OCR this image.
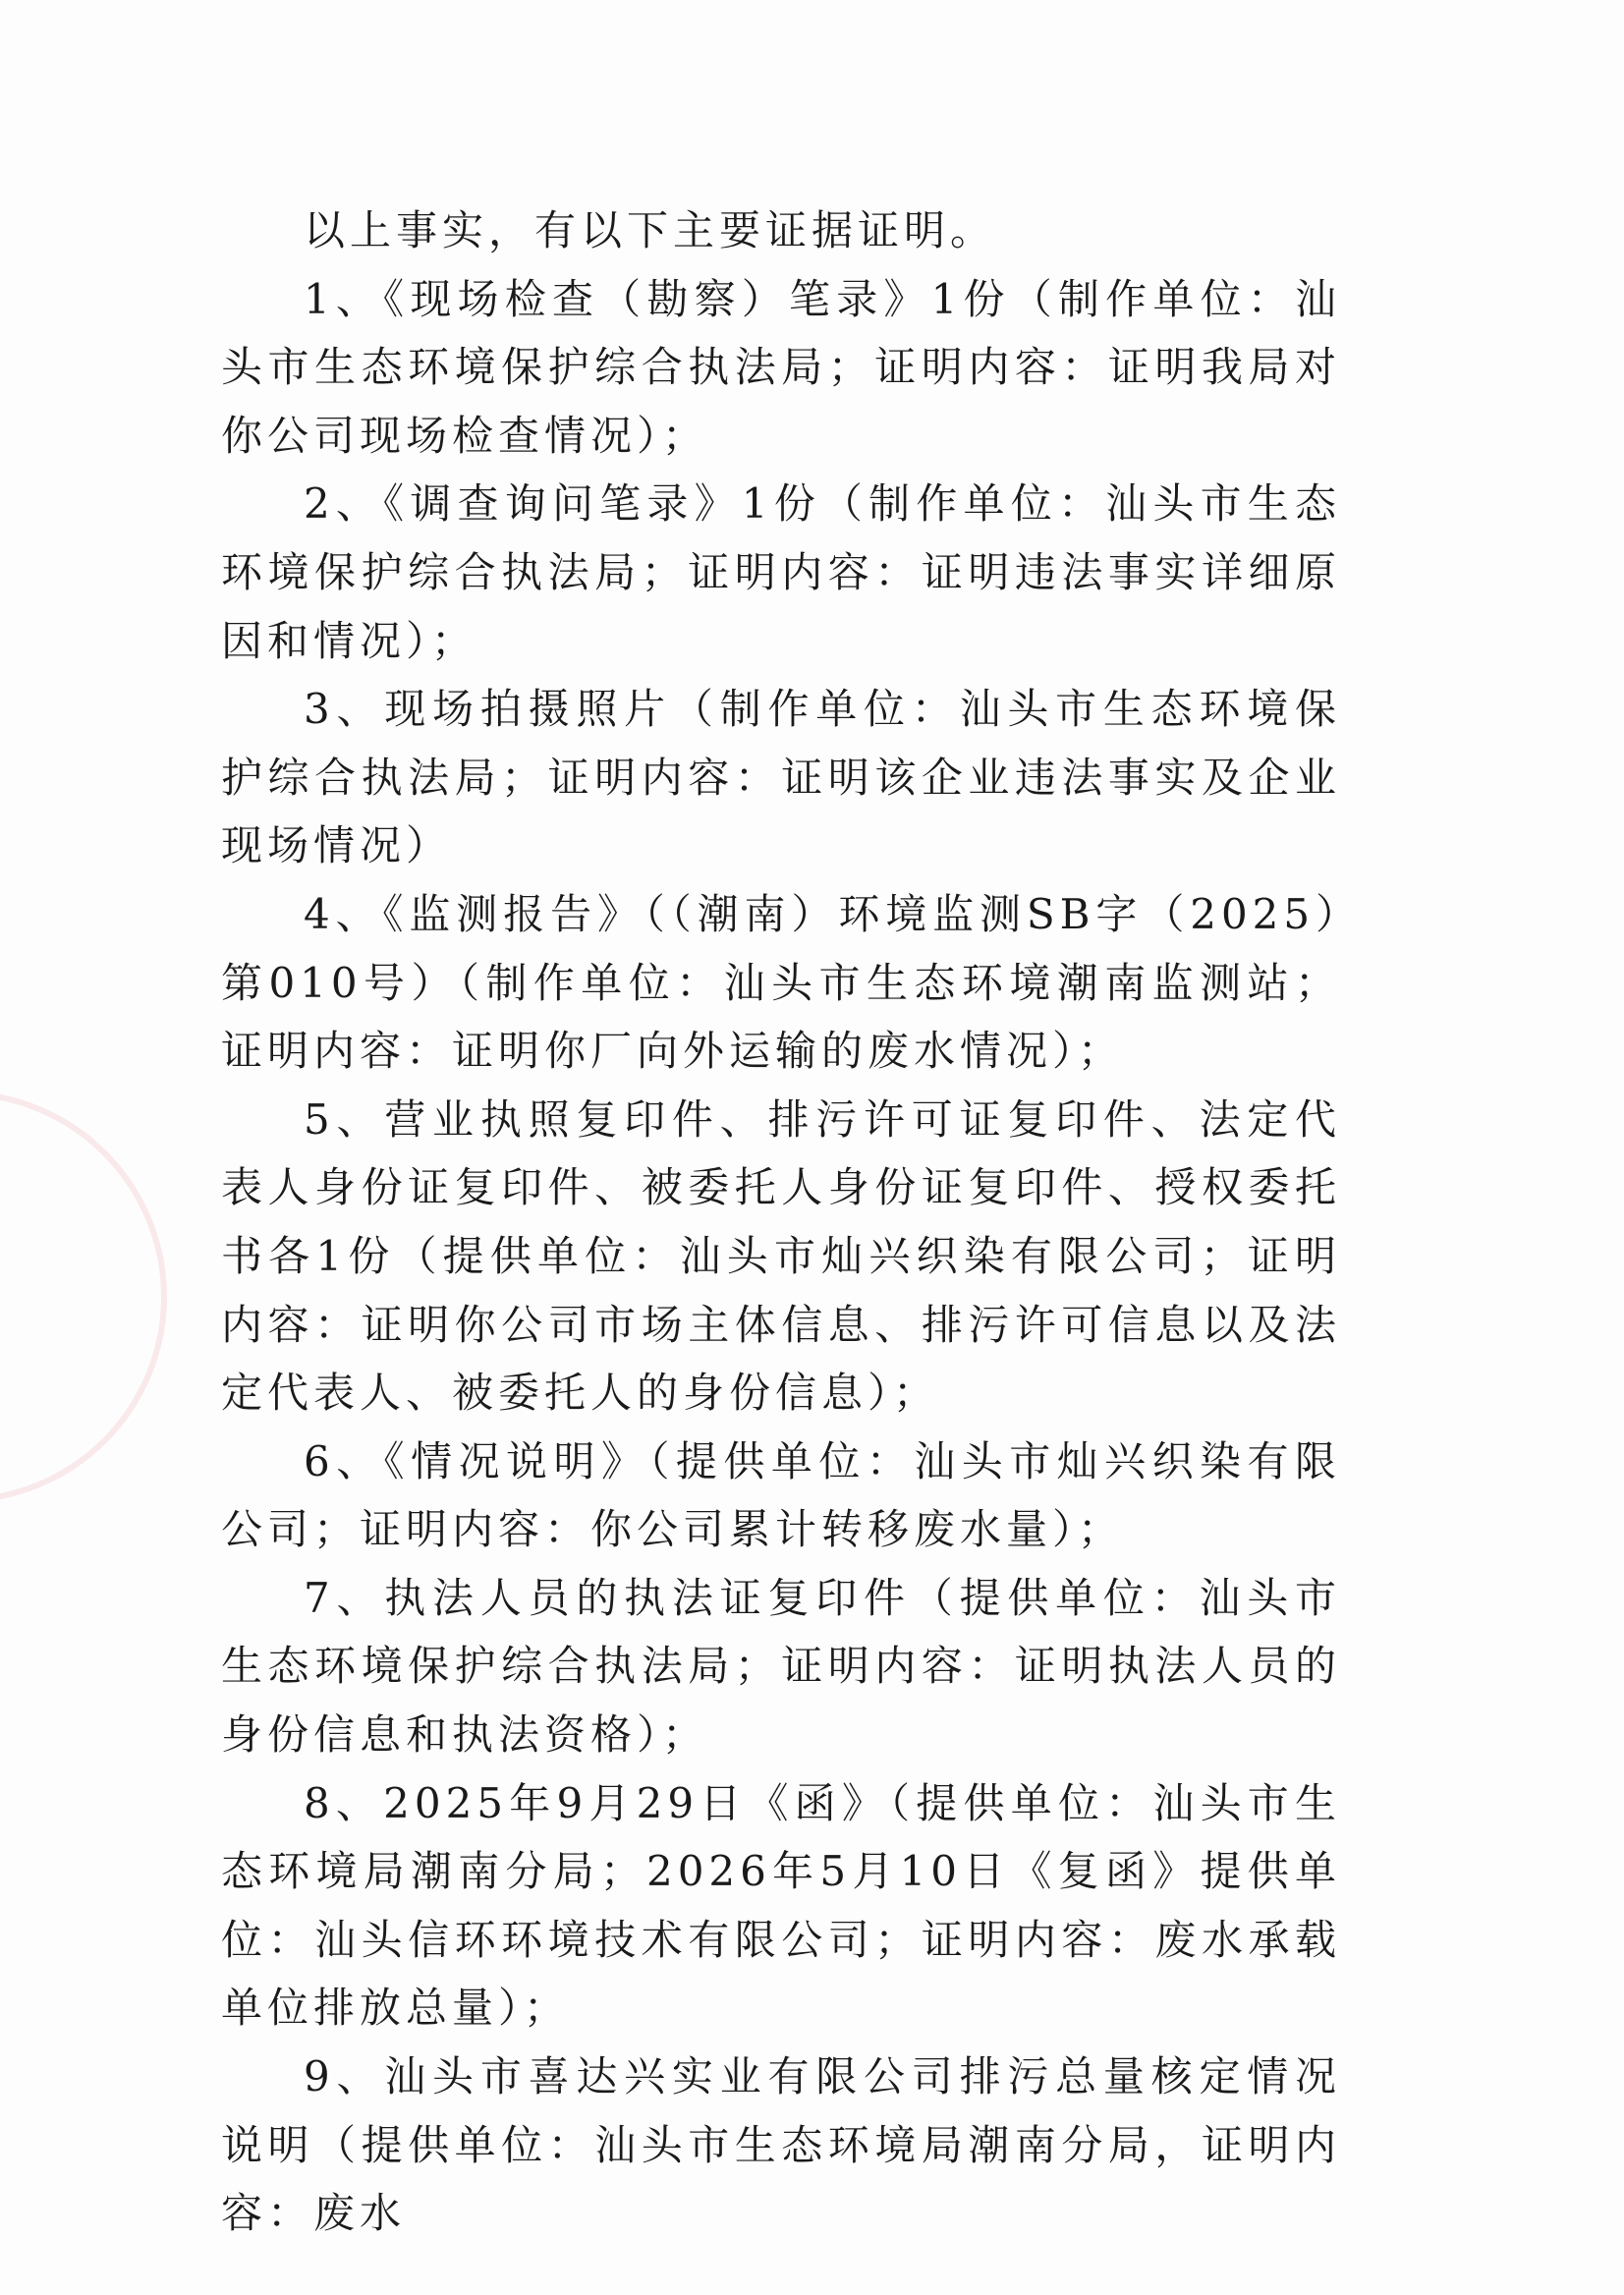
以上事实，有以下主要证据证明。

1、《现场检查（勘察）笔录》1份（制作单位：汕头市生态环境保护综合执法局；证明内容：证明我局对你公司现场检查情况）；

2、《调查询问笔录》1份（制作单位：汕头市生态环境保护综合执法局；证明内容：证明违法事实详细原因和情况）；

3、现场拍摄照片（制作单位：汕头市生态环境保护综合执法局；证明内容：证明该企业违法事实及企业现场情况）

4、《监测报告》（（潮南）环境监测SB字（2025）第010号）（制作单位：汕头市生态环境潮南监测站；证明内容：证明你厂向外运输的废水情况）；

5、营业执照复印件、排污许可证复印件、法定代表人身份证复印件、被委托人身份证复印件、授权委托书各1份（提供单位：汕头市灿兴织染有限公司；证明内容：证明你公司市场主体信息、排污许可信息以及法定代表人、被委托人的身份信息）；

6、《情况说明》（提供单位：汕头市灿兴织染有限公司；证明内容：你公司累计转移废水量）；

7、执法人员的执法证复印件（提供单位：汕头市生态环境保护综合执法局；证明内容：证明执法人员的身份信息和执法资格）；

8、2025年9月29日《函》（提供单位：汕头市生态环境局潮南分局；2026年5月10日《复函》提供单位：汕头信环环境技术有限公司；证明内容：废水承载单位排放总量）；

9、汕头市喜达兴实业有限公司排污总量核定情况说明（提供单位：汕头市生态环境局潮南分局，证明内容：废水
